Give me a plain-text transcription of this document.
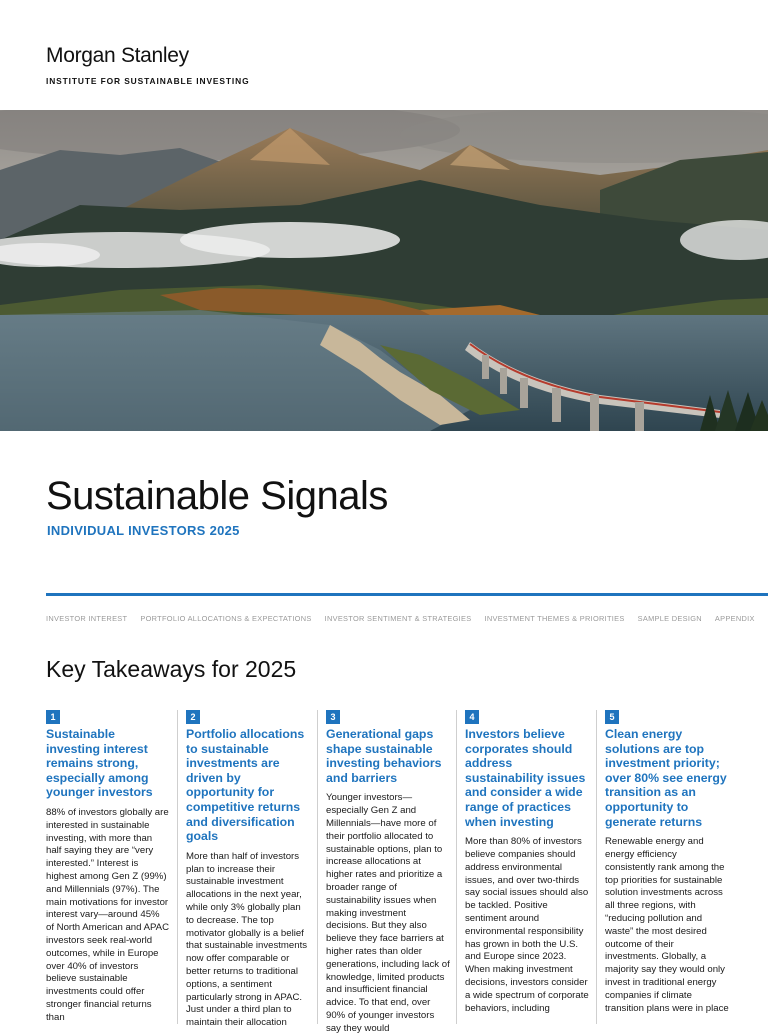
Morgan Stanley
INSTITUTE FOR SUSTAINABLE INVESTING
Sustainable Signals
INDIVIDUAL INVESTORS 2025
INVESTOR INTEREST PORTFOLIO ALLOCATIONS & EXPECTATIONS INVESTOR SENTIMENT & STRATEGIES INVESTMENT THEMES & PRIORITIES SAMPLE DESIGN APPENDIX
Key Takeaways for 2025
1
Sustainable investing interest remains strong, especially among younger investors
88% of investors globally are interested in sustainable investing, with more than half saying they are “very interested.” Interest is highest among Gen Z (99%) and Millennials (97%). The main motivations for investor interest vary—around 45% of North American and APAC investors seek real-world outcomes, while in Europe over 40% of investors believe sustainable investments could offer stronger financial returns than
2
Portfolio allocations to sustainable investments are driven by opportunity for competitive returns and diversification goals
More than half of investors plan to increase their sustainable investment allocations in the next year, while only 3% globally plan to decrease. The top motivator globally is a belief that sustainable investments now offer comparable or better returns to traditional options, a sentiment particularly strong in APAC. Just under a third plan to maintain their allocation
3
Generational gaps shape sustainable investing behaviors and barriers
Younger investors—especially Gen Z and Millennials—have more of their portfolio allocated to sustainable options, plan to increase allocations at higher rates and prioritize a broader range of sustainability issues when making investment decisions. But they also believe they face barriers at higher rates than older generations, including lack of knowledge, limited products and insufficient financial advice. To that end, over 90% of younger investors say they would
4
Investors believe corporates should address sustainability issues and consider a wide range of practices when investing
More than 80% of investors believe companies should address environmental issues, and over two-thirds say social issues should also be tackled. Positive sentiment around environmental responsibility has grown in both the U.S. and Europe since 2023. When making investment decisions, investors consider a wide spectrum of corporate behaviors, including
5
Clean energy solutions are top investment priority; over 80% see energy transition as an opportunity to generate returns
Renewable energy and energy efficiency consistently rank among the top priorities for sustainable solution investments across all three regions, with “reducing pollution and waste” the most desired outcome of their investments. Globally, a majority say they would only invest in traditional energy companies if climate transition plans were in place
